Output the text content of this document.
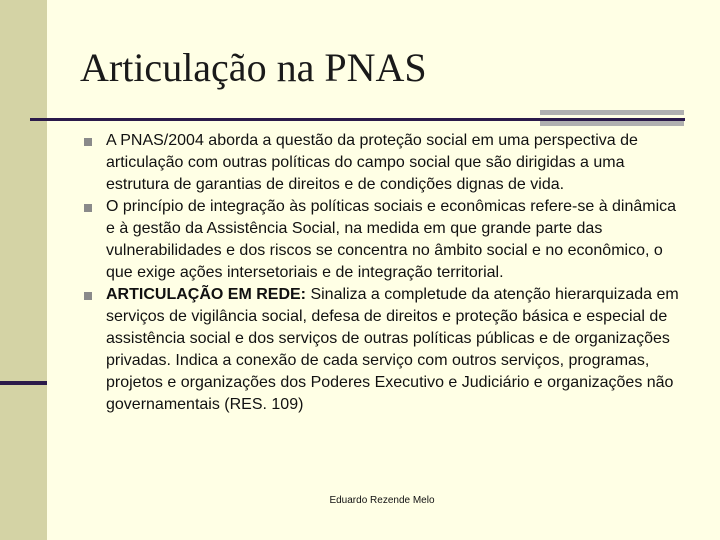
Articulação na PNAS
A PNAS/2004 aborda a questão da proteção social em uma perspectiva de articulação com outras políticas do campo social que são dirigidas a uma estrutura de garantias de direitos e de condições dignas de vida.
O princípio de integração às políticas sociais e econômicas refere-se à dinâmica e à gestão da Assistência Social, na medida em que grande parte das vulnerabilidades e dos riscos se concentra no âmbito social e no econômico, o que exige ações intersetoriais e de integração territorial.
ARTICULAÇÃO EM REDE: Sinaliza a completude da atenção hierarquizada em serviços de vigilância social, defesa de direitos e proteção básica e especial de assistência social e dos serviços de outras políticas públicas e de organizações privadas. Indica a conexão de cada serviço com outros serviços, programas, projetos e organizações dos Poderes Executivo e Judiciário e organizações não governamentais (RES. 109)
Eduardo Rezende Melo
